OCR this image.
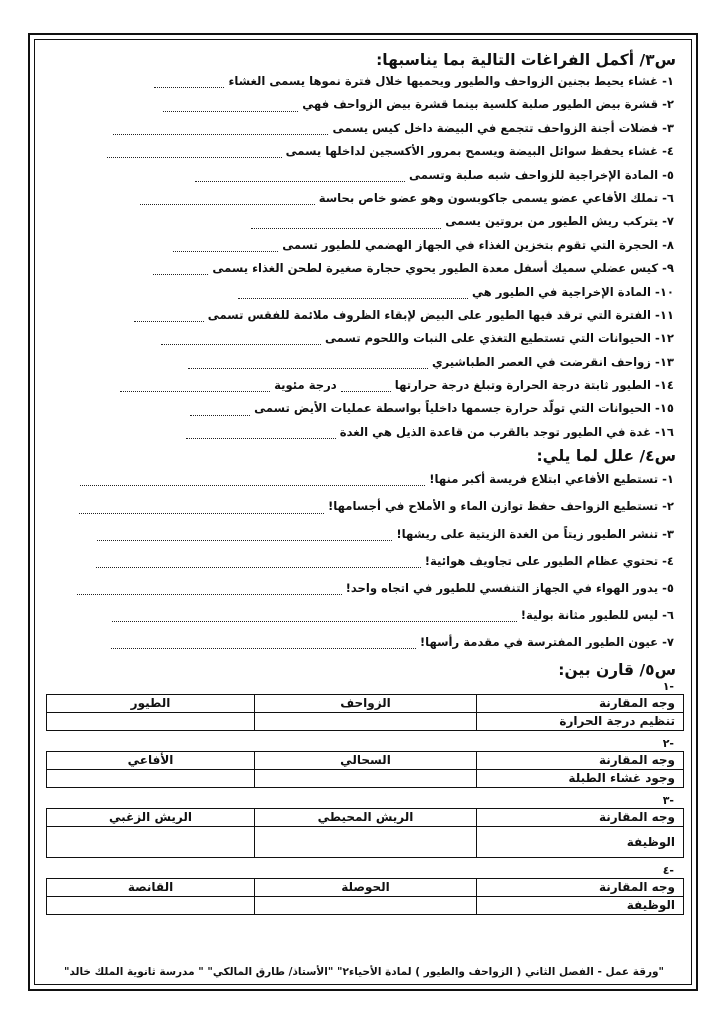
س٣/ أكمل الفراغات التالية بما يناسبها:

١- غشاء يحيط بجنين الزواحف والطيور ويحميها خلال فترة نموها يسمى الغشاء
٢- قشرة بيض الطيور صلبة كلسية بينما قشرة بيض الزواحف فهي
٣- فضلات أجنة الزواحف تتجمع في البيضة داخل كيس يسمى
٤- غشاء يحفظ سوائل البيضة ويسمح بمرور الأكسجين لداخلها يسمى
٥- المادة الإخراجية للزواحف شبه صلبة وتسمى
٦- تملك الأفاعي عضو يسمى جاكوبسون وهو عضو خاص بحاسة
٧- يتركب ريش الطيور من بروتين يسمى
٨- الحجرة التي تقوم بتخزين الغذاء في الجهاز الهضمي للطيور تسمى
٩- كيس عضلي سميك أسفل معدة الطيور يحوي حجارة صغيرة لطحن الغذاء يسمى
١٠- المادة الإخراجية في الطيور هي
١١- الفترة التي ترقد فيها الطيور على البيض لإبقاء الظروف ملائمة للفقس تسمى
١٢- الحيوانات التي تستطيع التغذي على النبات واللحوم تسمى
١٣- زواحف انقرضت في العصر الطباشيري
١٤- الطيور ثابتة درجة الحرارة وتبلغ درجة حرارتها
درجة مئوية
١٥- الحيوانات التي تولّد حرارة جسمها داخلياً بواسطة عمليات الأيض تسمى
١٦- غدة في الطيور توجد بالقرب من قاعدة الذيل هي الغدة

س٤/ علل لما يلي:

١- تستطيع الأفاعي ابتلاع فريسة أكبر منها!
٢- تستطيع الزواحف حفظ توازن الماء و الأملاح في أجسامها!
٣- تنشر الطيور زيتاً من الغدة الزيتية على ريشها!
٤- تحتوي عظام الطيور على تجاويف هوائية!
٥- يدور الهواء في الجهاز التنفسي للطيور في اتجاه واحد!
٦- ليس للطيور مثانة بولية!
٧- عيون الطيور المفترسة في مقدمة رأسها!

س٥/ قارن بين:

-١
وجه المقارنة	الزواحف	الطيور
تنظيم درجة الحرارة		
-٢
وجه المقارنة	السحالي	الأفاعي
وجود غشاء الطبلة		
-٣
وجه المقارنة	الريش المحيطي	الريش الزغبي
الوظيفة		
-٤
وجه المقارنة	الحوصلة	القانصة
الوظيفة		
"ورقة عمل - الفصل الثاني ( الزواحف والطيور ) لمادة الأحياء٢" "الأستاذ/ طارق المالكي" " مدرسة ثانوية الملك خالد"
